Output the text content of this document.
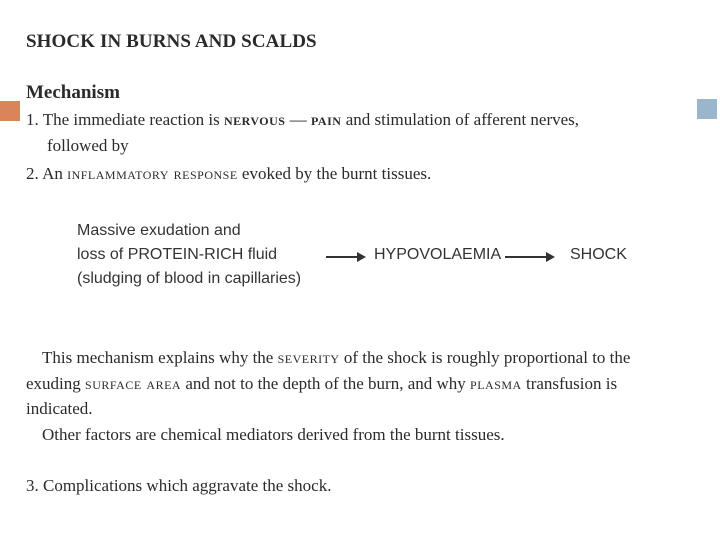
SHOCK IN BURNS AND SCALDS
Mechanism
1. The immediate reaction is nervous — pain and stimulation of afferent nerves,
followed by
2. An inflammatory response evoked by the burnt tissues.
Massive exudation and
loss of PROTEIN-RICH fluid
(sludging of blood in capillaries)
HYPOVOLAEMIA	SHOCK
This mechanism explains why the severity of the shock is roughly proportional to the
exuding surface area and not to the depth of the burn, and why plasma transfusion is
indicated.
Other factors are chemical mediators derived from the burnt tissues.
3. Complications which aggravate the shock.
